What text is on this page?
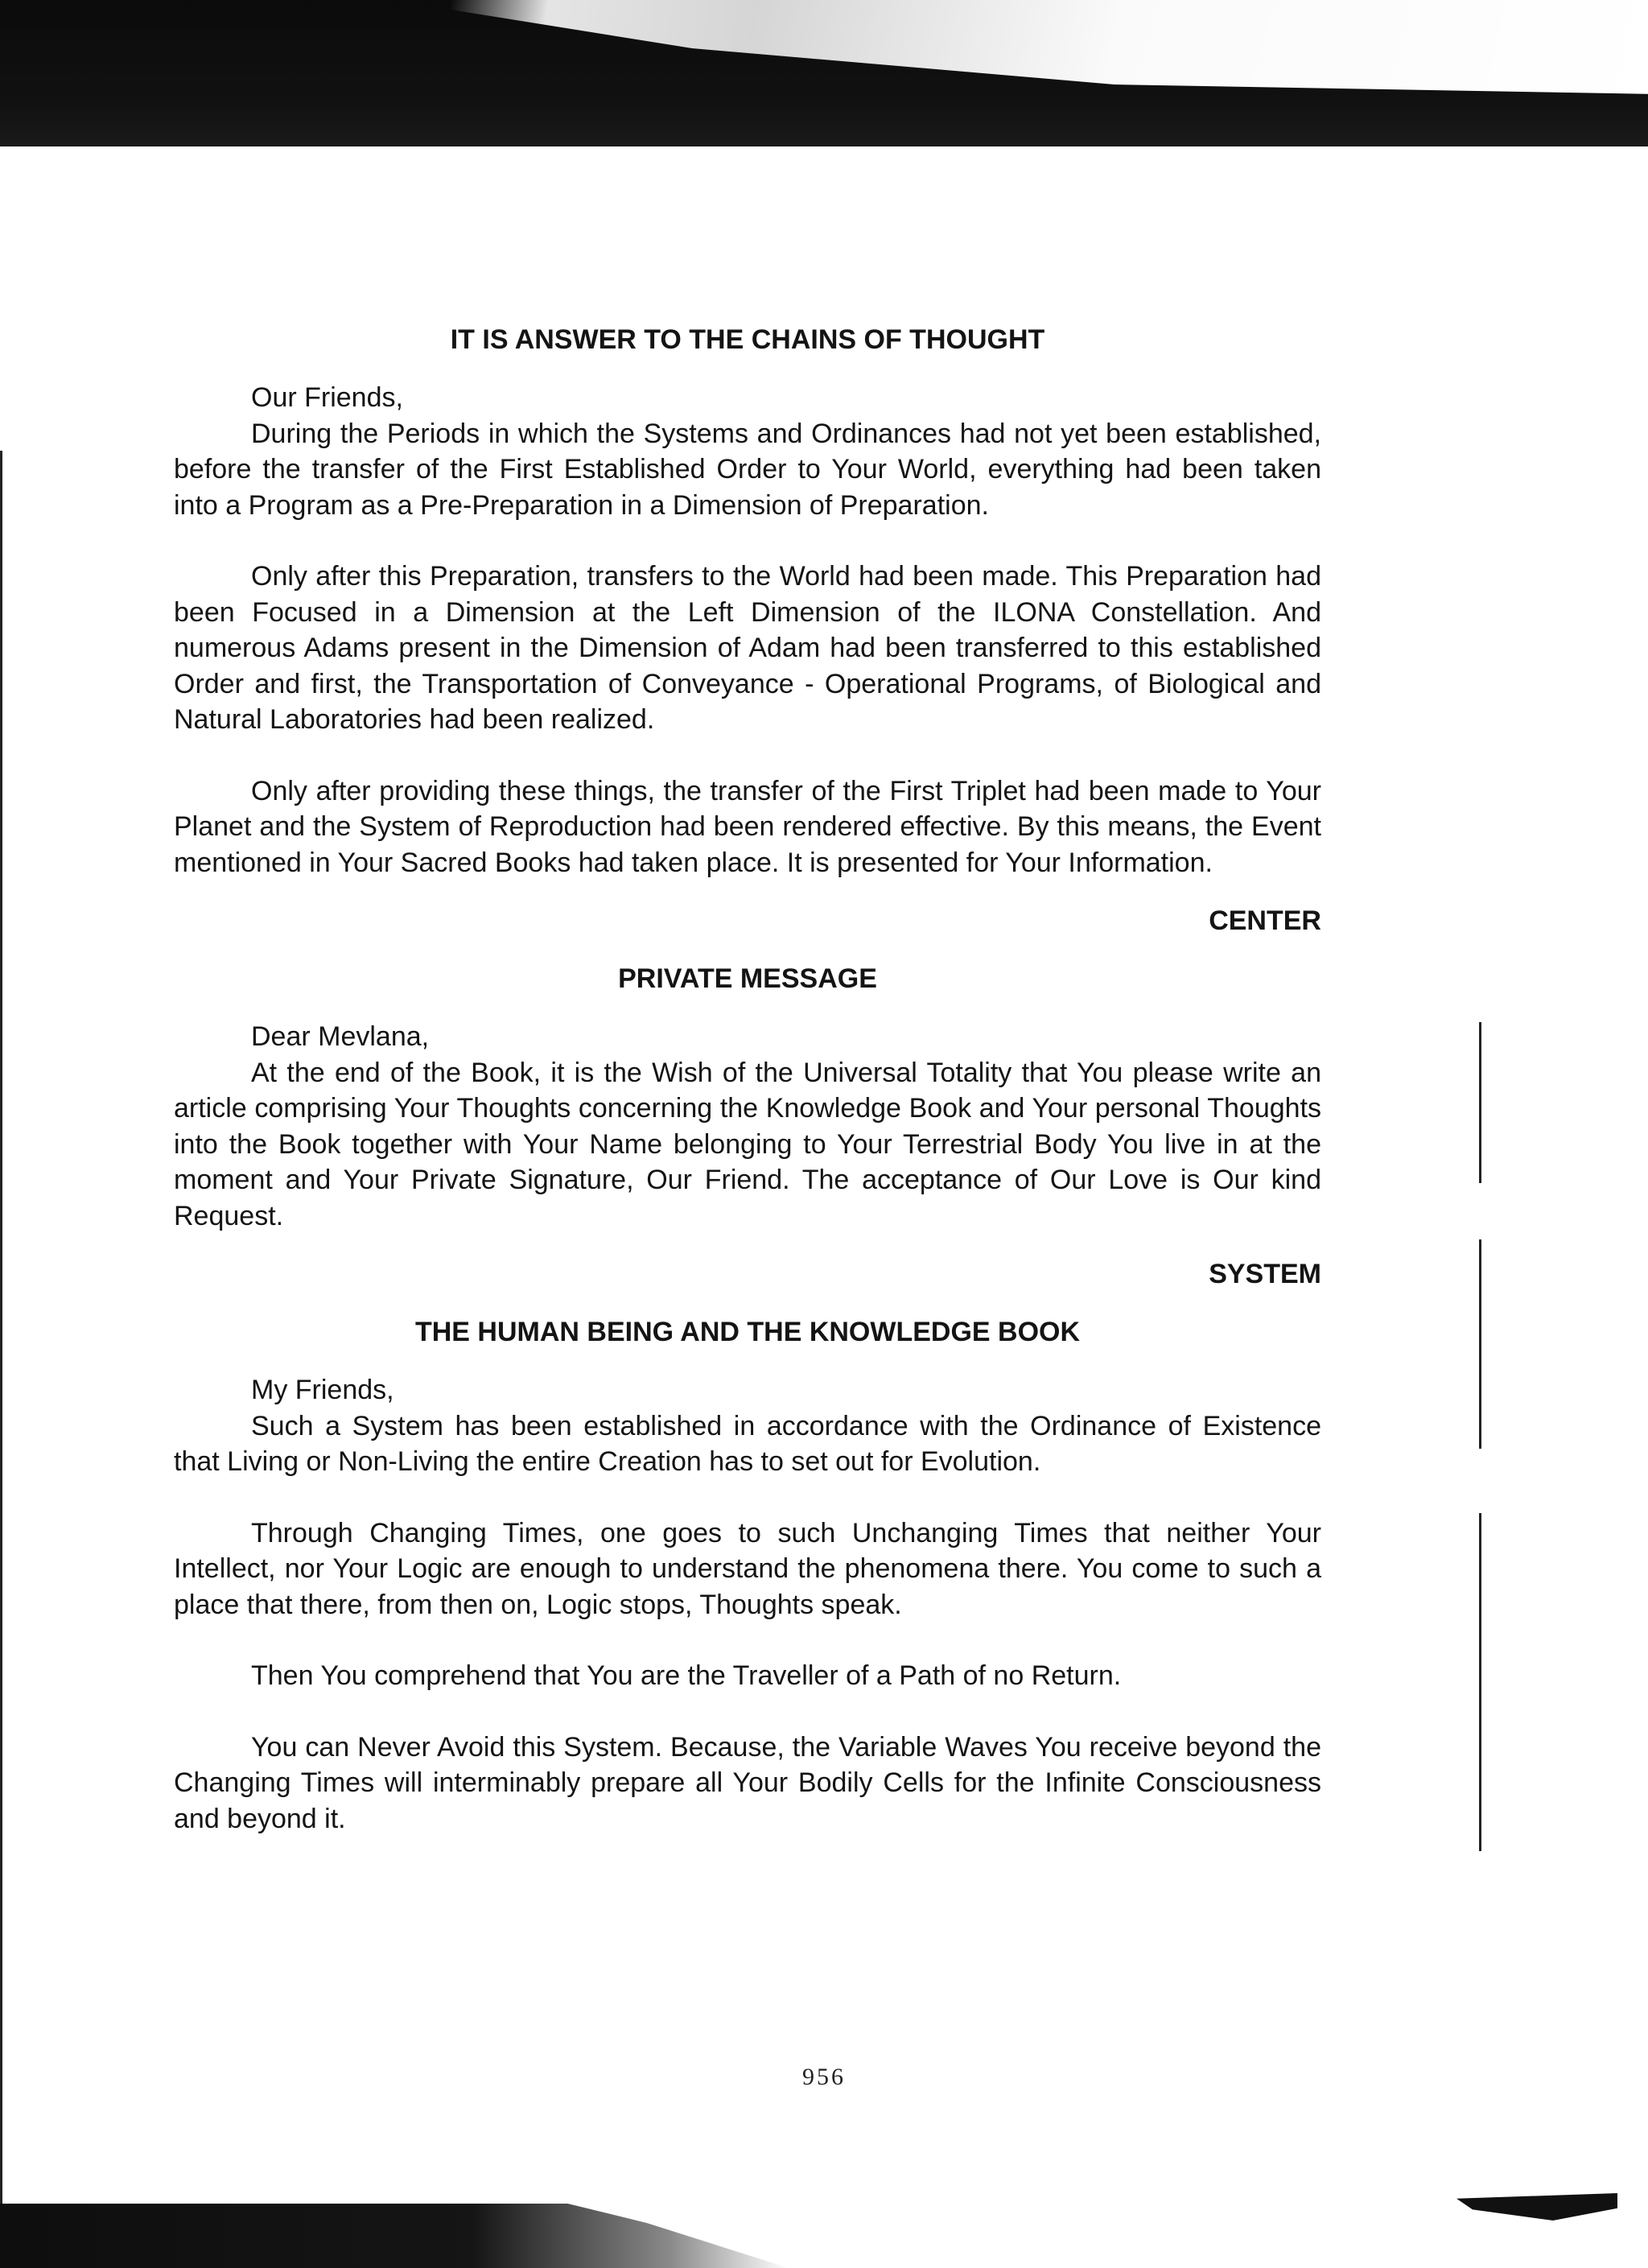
IT IS ANSWER TO THE CHAINS OF THOUGHT

Our Friends,

During the Periods in which the Systems and Ordinances had not yet been established, before the transfer of the First Established Order to Your World, everything had been taken into a Program as a Pre-Preparation in a Dimension of Preparation.

Only after this Preparation, transfers to the World had been made. This Preparation had been Focused in a Dimension at the Left Dimension of the ILONA Constellation. And numerous Adams present in the Dimension of Adam had been transferred to this established Order and first, the Transportation of Conveyance - Operational Programs, of Biological and Natural Laboratories had been realized.

Only after providing these things, the transfer of the First Triplet had been made to Your Planet and the System of Reproduction had been rendered effective. By this means, the Event mentioned in Your Sacred Books had taken place. It is presented for Your Information.

CENTER

PRIVATE MESSAGE

Dear Mevlana,

At the end of the Book, it is the Wish of the Universal Totality that You please write an article comprising Your Thoughts concerning the Knowledge Book and Your personal Thoughts into the Book together with Your Name belonging to Your Terrestrial Body You live in at the moment and Your Private Signature, Our Friend. The acceptance of Our Love is Our kind Request.

SYSTEM

THE HUMAN BEING AND THE KNOWLEDGE BOOK

My Friends,

Such a System has been established in accordance with the Ordinance of Existence that Living or Non-Living the entire Creation has to set out for Evolution.

Through Changing Times, one goes to such Unchanging Times that neither Your Intellect, nor Your Logic are enough to understand the phenomena there. You come to such a place that there, from then on, Logic stops, Thoughts speak.

Then You comprehend that You are the Traveller of a Path of no Return.

You can Never Avoid this System. Because, the Variable Waves You receive beyond the Changing Times will interminably prepare all Your Bodily Cells for the Infinite Consciousness and beyond it.

956
